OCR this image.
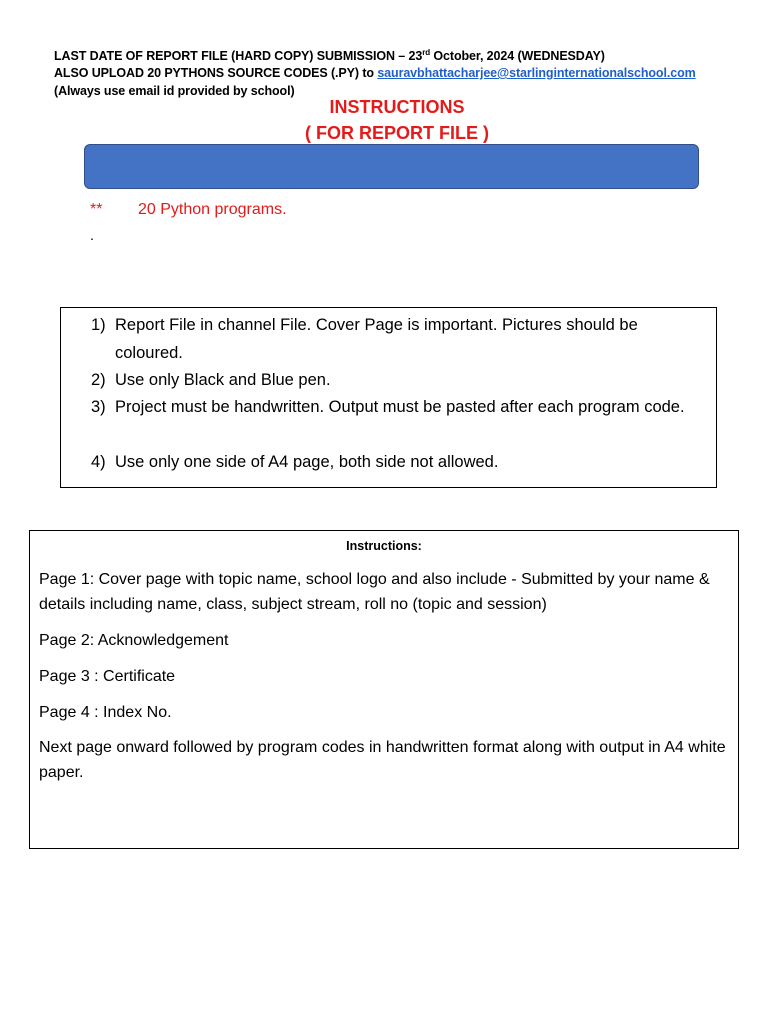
LAST DATE OF REPORT FILE (HARD COPY) SUBMISSION – 23rd October, 2024 (WEDNESDAY)
ALSO UPLOAD 20 PYTHONS SOURCE CODES (.PY) to sauravbhattacharjee@starlinginternationalschool.com
(Always use email id provided by school)
INSTRUCTIONS
( FOR REPORT FILE )
** 20 Python programs.
.
1) Report File in channel File. Cover Page is important. Pictures should be coloured.
2) Use only Black and Blue pen.
3) Project must be handwritten. Output must be pasted after each program code.
4) Use only one side of A4 page, both side not allowed.
Instructions:
Page 1: Cover page with topic name, school logo and also include - Submitted by your name & details including name, class, subject stream, roll no (topic and session)
Page 2: Acknowledgement
Page 3 : Certificate
Page 4 : Index No.
Next page onward followed by program codes in handwritten format along with output in A4 white paper.
